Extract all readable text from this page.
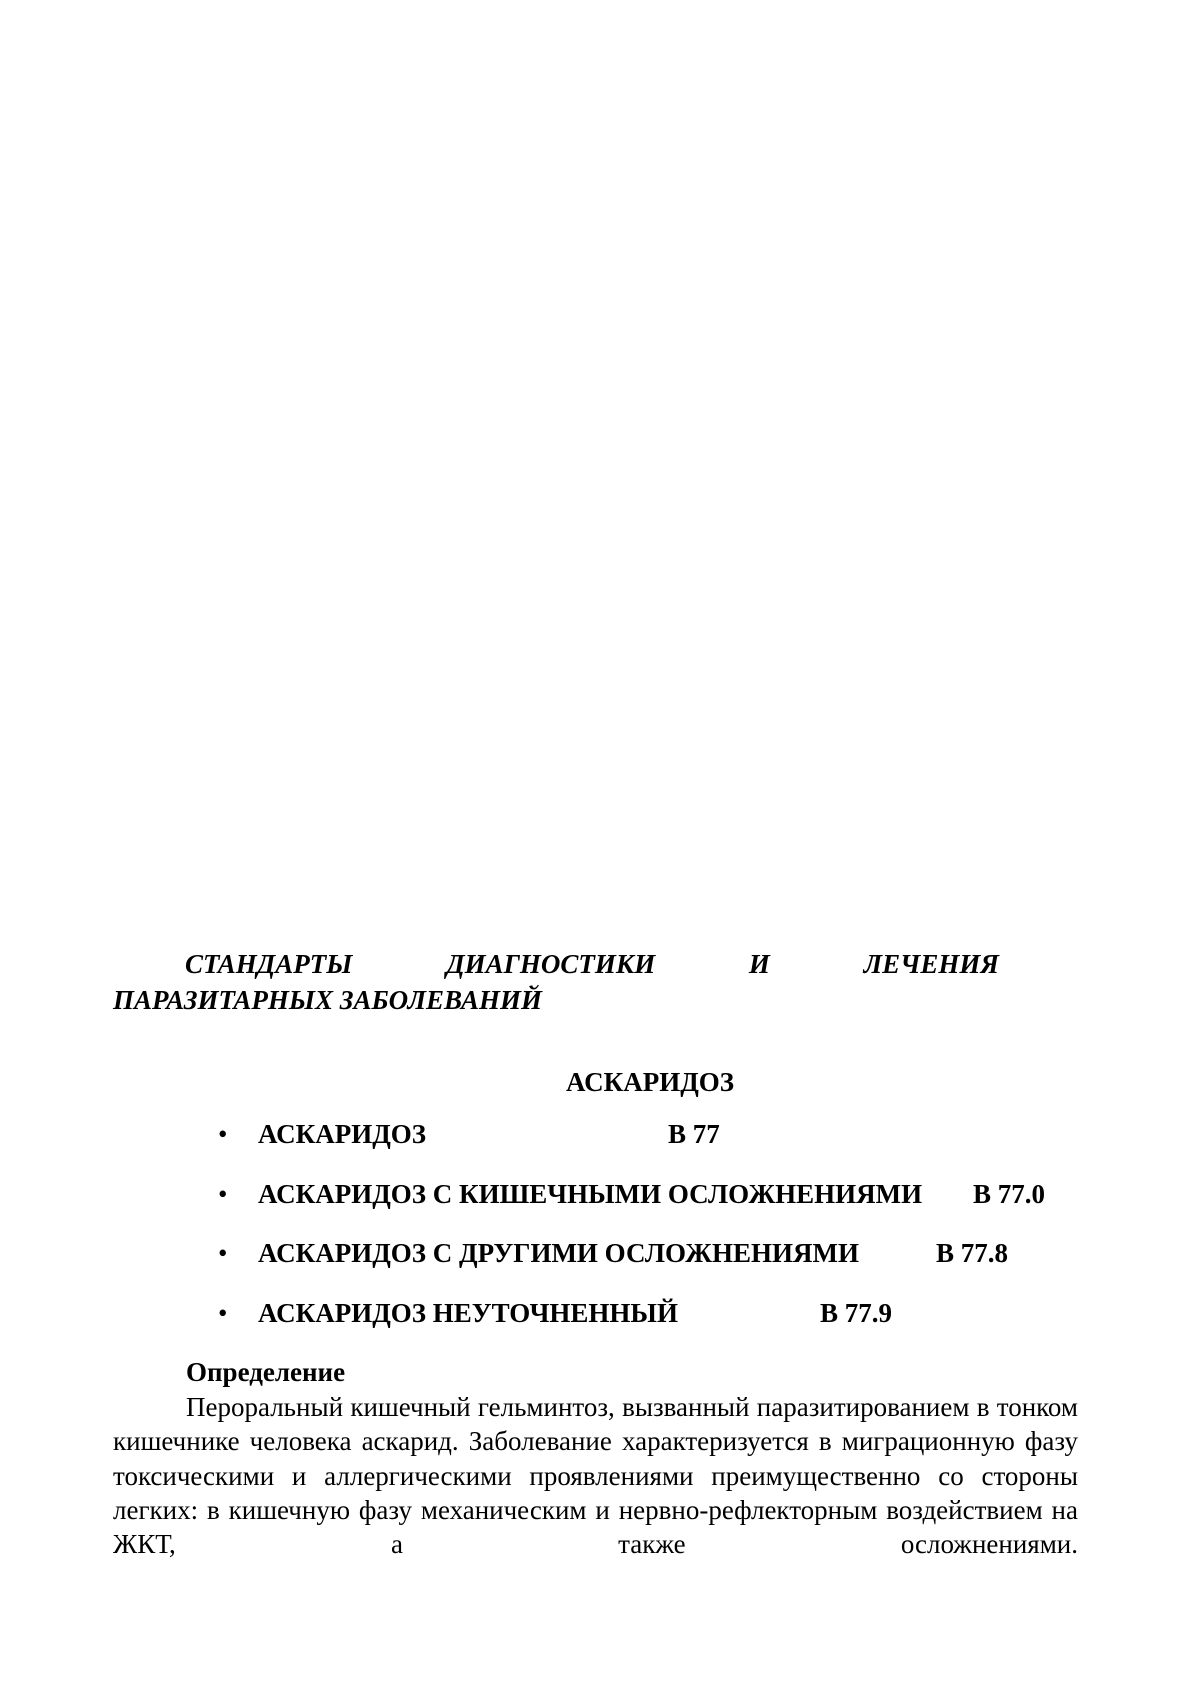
СТАНДАРТЫ	ДИАГНОСТИКИ	И	ЛЕЧЕНИЯ
ПАРАЗИТАРНЫХ ЗАБОЛЕВАНИЙ
АСКАРИДОЗ
• АСКАРИДОЗ	B 77
• АСКАРИДОЗ С КИШЕЧНЫМИ ОСЛОЖНЕНИЯМИ B 77.0
• АСКАРИДОЗ С ДРУГИМИ ОСЛОЖНЕНИЯМИ	B 77.8
• АСКАРИДОЗ НЕУТОЧНЕННЫЙ	B 77.9
Определение

Пероральный кишечный гельминтоз, вызванный паразитированием в тонком кишечнике человека аскарид. Заболевание характеризуется в миграционную фазу токсическими и аллергическими проявлениями преимущественно со стороны легких: в кишечную фазу механическим и нервно-рефлекторным воздействием на ЖКТ, а также осложнениями.
